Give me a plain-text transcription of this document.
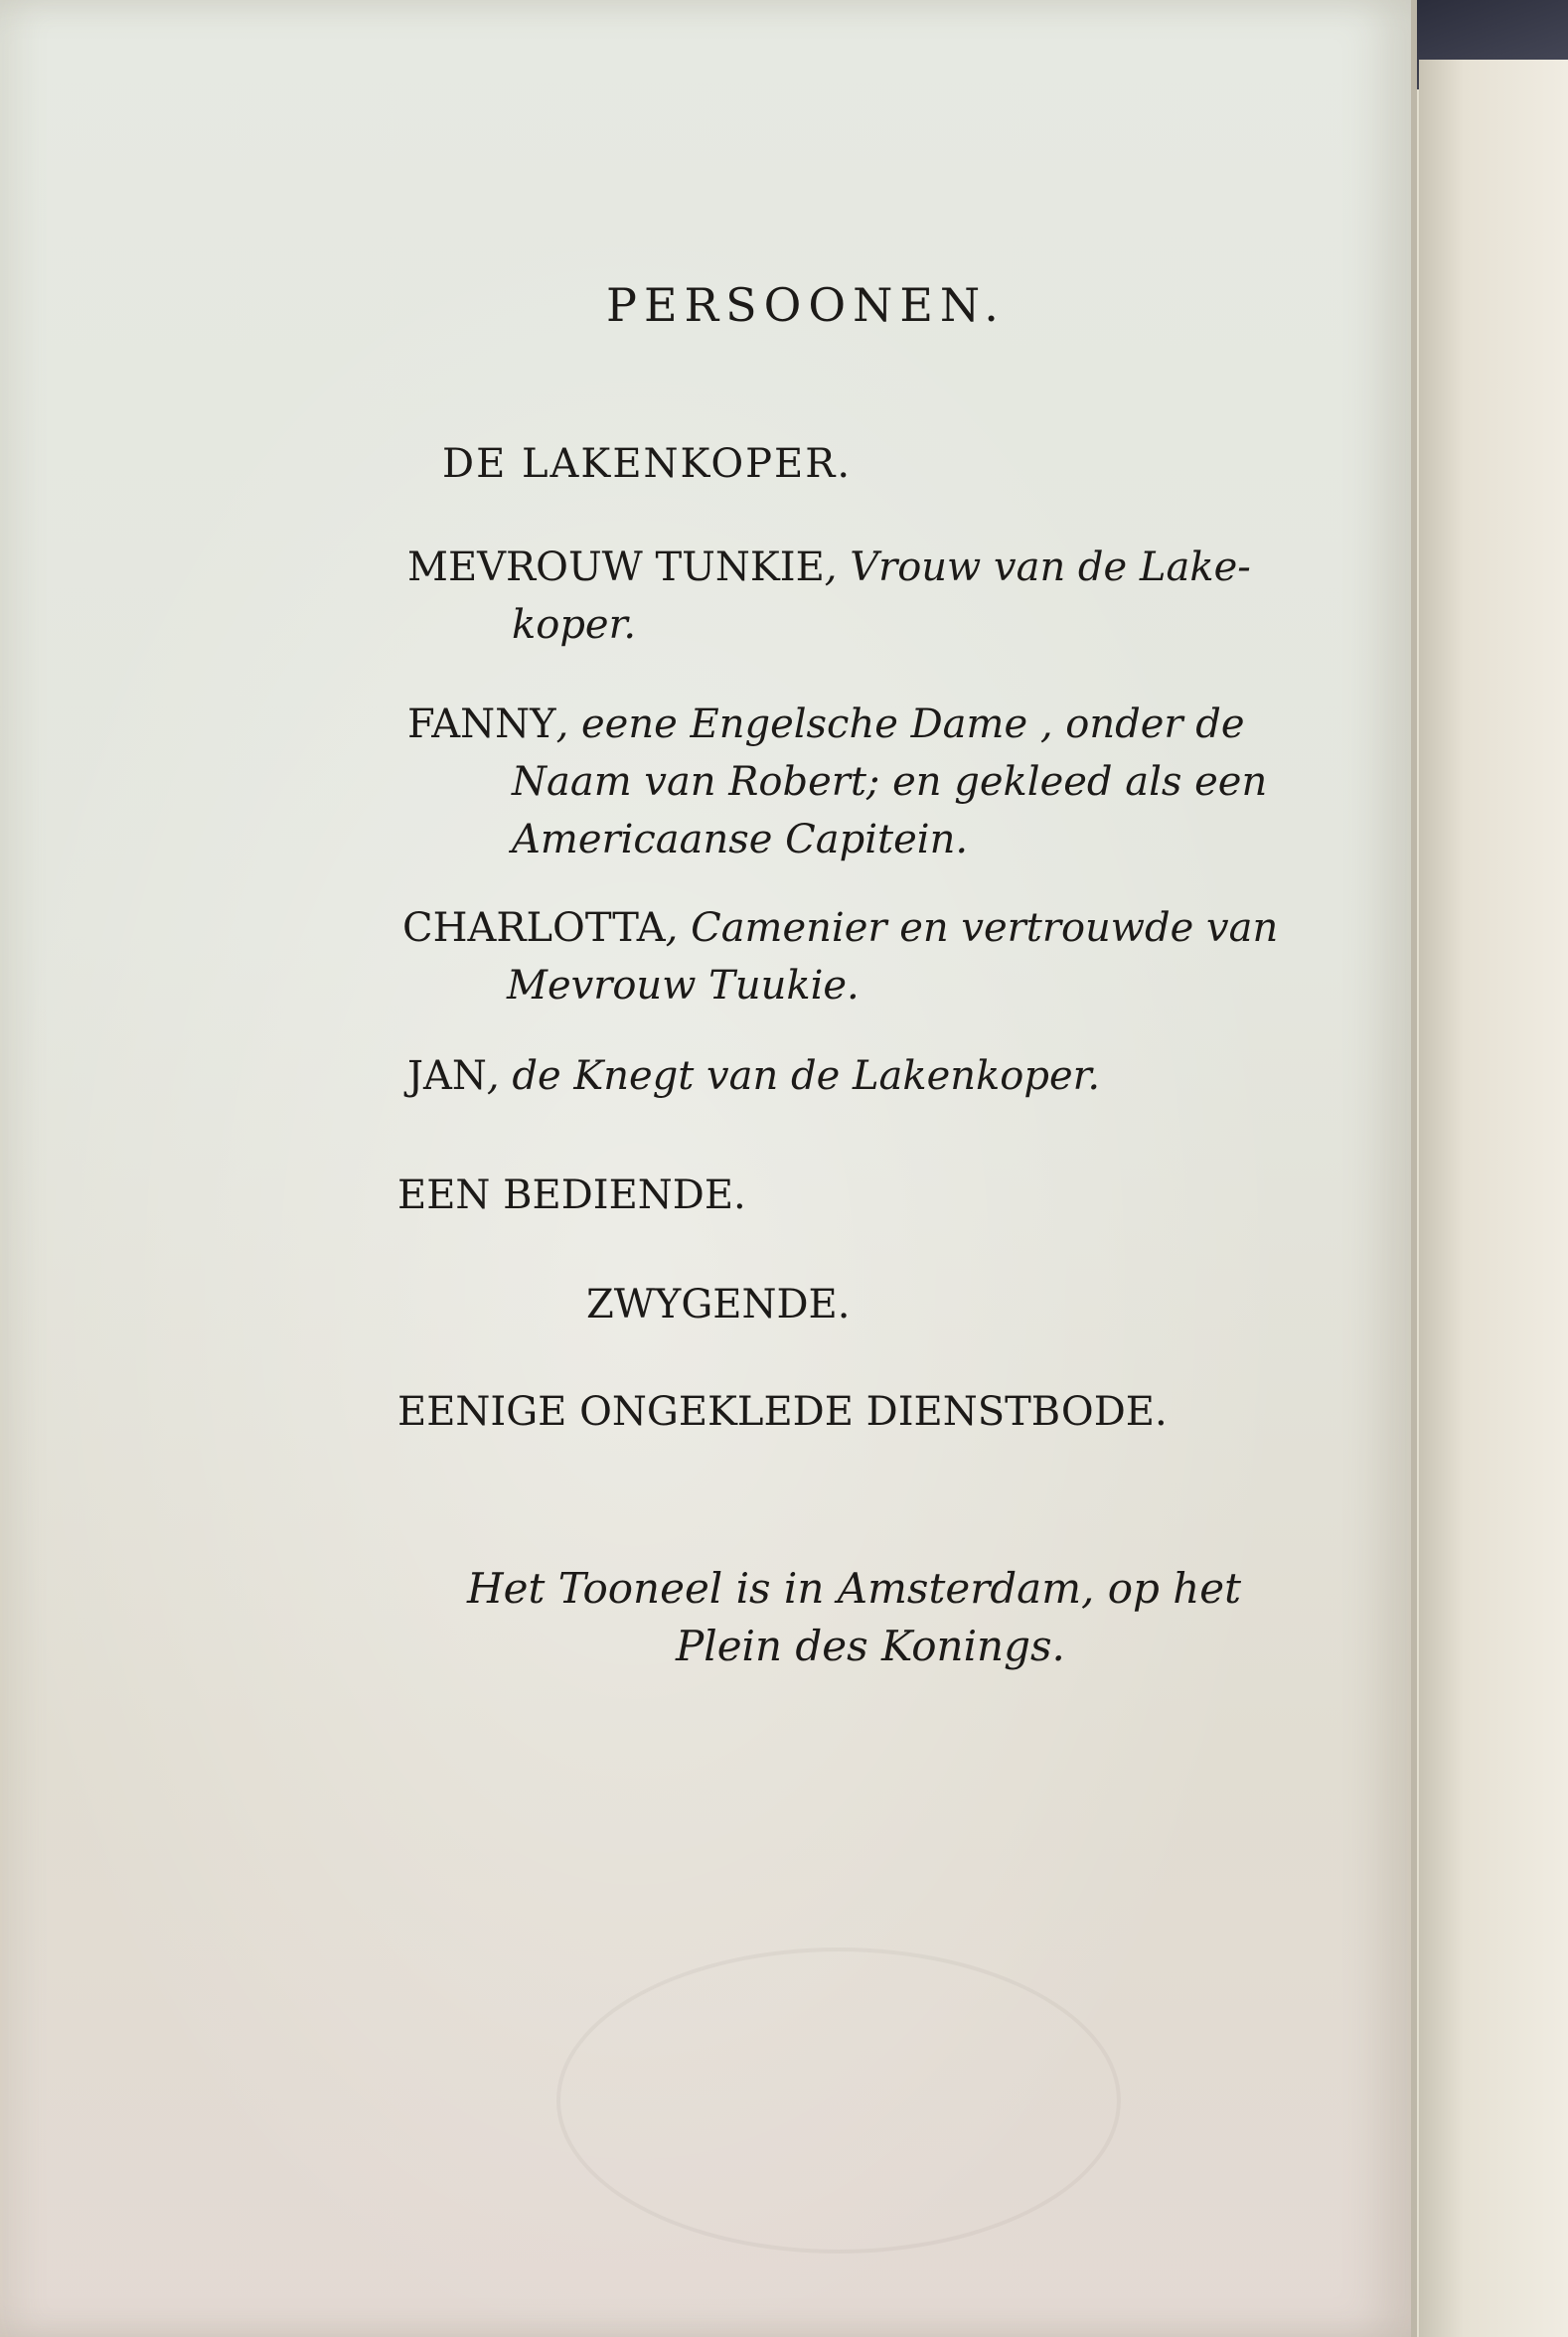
PERSOONEN.
DE LAKENKOPER.
MEVROUW TUNKIE, Vrouw van de Lake-
koper.
FANNY, eene Engelsche Dame , onder de
Naam van Robert; en gekleed als een
Americaanse Capitein.
CHARLOTTA, Camenier en vertrouwde van
Mevrouw Tuukie.
JAN, de Knegt van de Lakenkoper.
EEN BEDIENDE.
ZWYGENDE.
EENIGE ONGEKLEDE DIENSTBODE.
Het Tooneel is in Amsterdam, op het
Plein des Konings.
